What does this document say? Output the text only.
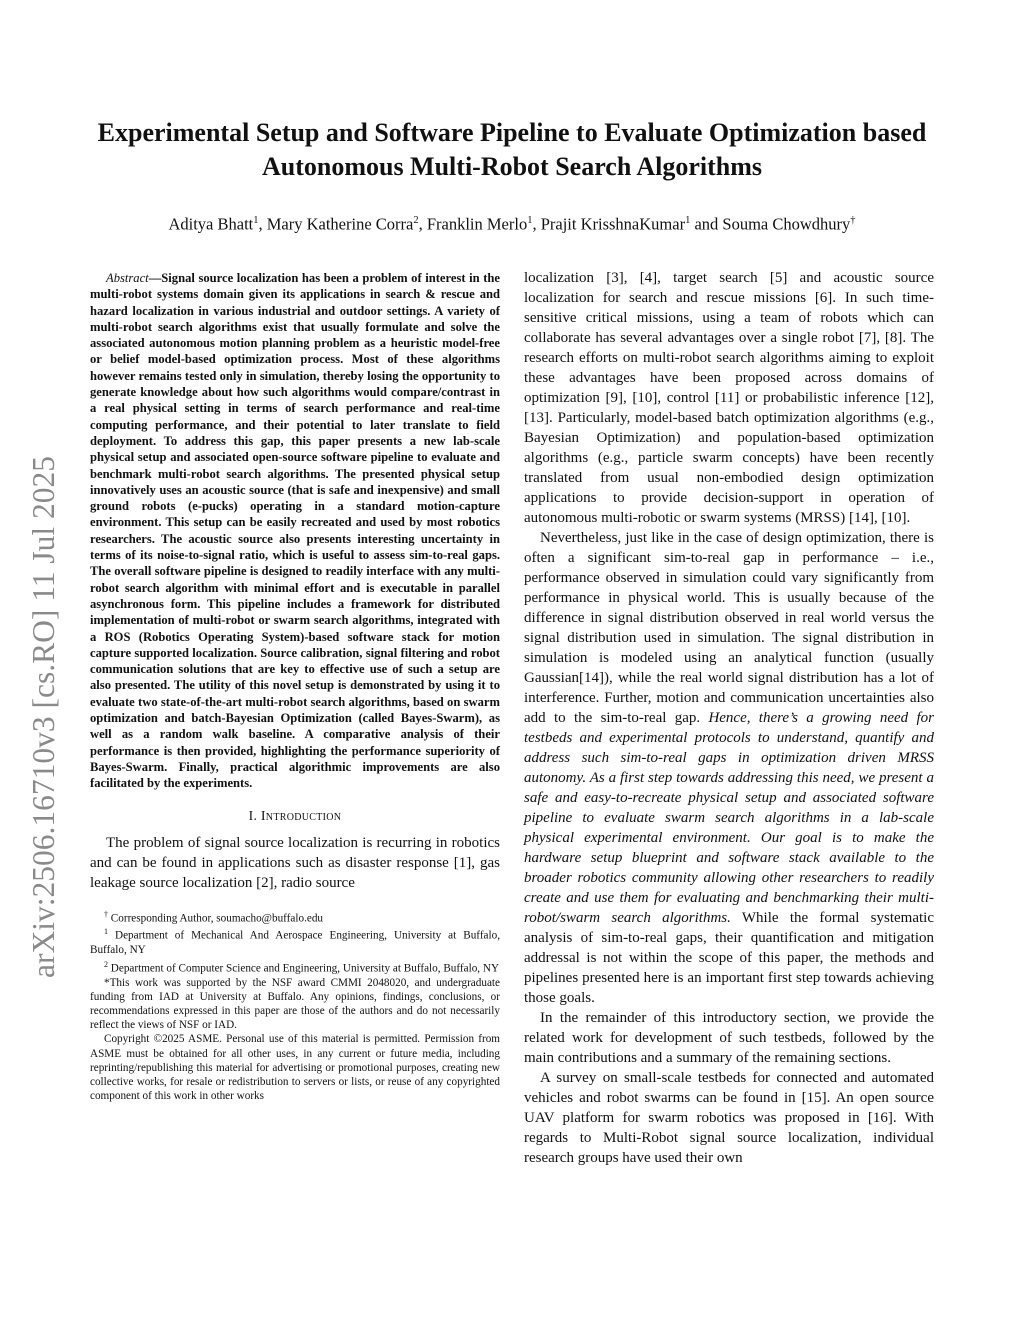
arXiv:2506.16710v3 [cs.RO] 11 Jul 2025
Experimental Setup and Software Pipeline to Evaluate Optimization based Autonomous Multi-Robot Search Algorithms
Aditya Bhatt$^1$, Mary Katherine Corra$^2$, Franklin Merlo$^1$, Prajit KrisshnaKumar$^1$ and Souma Chowdhury†

Abstract—Signal source localization has been a problem of interest in the multi-robot systems domain given its applications in search & rescue and hazard localization in various industrial and outdoor settings. A variety of multi-robot search algorithms exist that usually formulate and solve the associated autonomous motion planning problem as a heuristic model-free or belief model-based optimization process. Most of these algorithms however remains tested only in simulation, thereby losing the opportunity to generate knowledge about how such algorithms would compare/contrast in a real physical setting in terms of search performance and real-time computing performance, and their potential to later translate to field deployment. To address this gap, this paper presents a new lab-scale physical setup and associated open-source software pipeline to evaluate and benchmark multi-robot search algorithms. The presented physical setup innovatively uses an acoustic source (that is safe and inexpensive) and small ground robots (e-pucks) operating in a standard motion-capture environment. This setup can be easily recreated and used by most robotics researchers. The acoustic source also presents interesting uncertainty in terms of its noise-to-signal ratio, which is useful to assess sim-to-real gaps. The overall software pipeline is designed to readily interface with any multi-robot search algorithm with minimal effort and is executable in parallel asynchronous form. This pipeline includes a framework for distributed implementation of multi-robot or swarm search algorithms, integrated with a ROS (Robotics Operating System)-based software stack for motion capture supported localization. Source calibration, signal filtering and robot communication solutions that are key to effective use of such a setup are also presented. The utility of this novel setup is demonstrated by using it to evaluate two state-of-the-art multi-robot search algorithms, based on swarm optimization and batch-Bayesian Optimization (called Bayes-Swarm), as well as a random walk baseline. A comparative analysis of their performance is then provided, highlighting the performance superiority of Bayes-Swarm. Finally, practical algorithmic improvements are also facilitated by the experiments.

I. Introduction

The problem of signal source localization is recurring in robotics and can be found in applications such as disaster response [1], gas leakage source localization [2], radio source

† Corresponding Author, soumacho@buffalo.edu

$^1$ Department of Mechanical And Aerospace Engineering, University at Buffalo, Buffalo, NY

$^2$ Department of Computer Science and Engineering, University at Buffalo, Buffalo, NY

*This work was supported by the NSF award CMMI 2048020, and undergraduate funding from IAD at University at Buffalo. Any opinions, findings, conclusions, or recommendations expressed in this paper are those of the authors and do not necessarily reflect the views of NSF or IAD.

Copyright ©2025 ASME. Personal use of this material is permitted. Permission from ASME must be obtained for all other uses, in any current or future media, including reprinting/republishing this material for advertising or promotional purposes, creating new collective works, for resale or redistribution to servers or lists, or reuse of any copyrighted component of this work in other works

localization [3], [4], target search [5] and acoustic source localization for search and rescue missions [6]. In such time-sensitive critical missions, using a team of robots which can collaborate has several advantages over a single robot [7], [8]. The research efforts on multi-robot search algorithms aiming to exploit these advantages have been proposed across domains of optimization [9], [10], control [11] or probabilistic inference [12], [13]. Particularly, model-based batch optimization algorithms (e.g., Bayesian Optimization) and population-based optimization algorithms (e.g., particle swarm concepts) have been recently translated from usual non-embodied design optimization applications to provide decision-support in operation of autonomous multi-robotic or swarm systems (MRSS) [14], [10].

Nevertheless, just like in the case of design optimization, there is often a significant sim-to-real gap in performance – i.e., performance observed in simulation could vary significantly from performance in physical world. This is usually because of the difference in signal distribution observed in real world versus the signal distribution used in simulation. The signal distribution in simulation is modeled using an analytical function (usually Gaussian[14]), while the real world signal distribution has a lot of interference. Further, motion and communication uncertainties also add to the sim-to-real gap. Hence, there’s a growing need for testbeds and experimental protocols to understand, quantify and address such sim-to-real gaps in optimization driven MRSS autonomy. As a first step towards addressing this need, we present a safe and easy-to-recreate physical setup and associated software pipeline to evaluate swarm search algorithms in a lab-scale physical experimental environment. Our goal is to make the hardware setup blueprint and software stack available to the broader robotics community allowing other researchers to readily create and use them for evaluating and benchmarking their multi-robot/swarm search algorithms. While the formal systematic analysis of sim-to-real gaps, their quantification and mitigation addressal is not within the scope of this paper, the methods and pipelines presented here is an important first step towards achieving those goals.

In the remainder of this introductory section, we provide the related work for development of such testbeds, followed by the main contributions and a summary of the remaining sections.

A survey on small-scale testbeds for connected and automated vehicles and robot swarms can be found in [15]. An open source UAV platform for swarm robotics was proposed in [16]. With regards to Multi-Robot signal source localization, individual research groups have used their own
